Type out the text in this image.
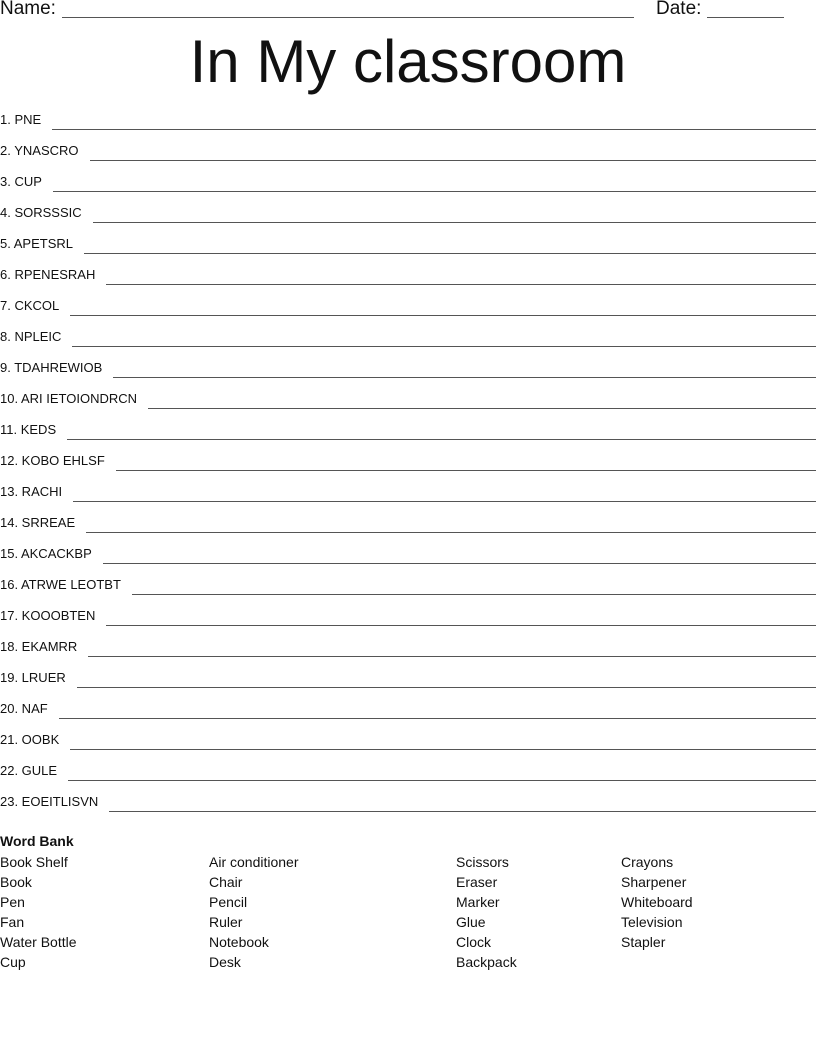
Name:	Date:
In My classroom
1. PNE
2. YNASCRO
3. CUP
4. SORSSSIC
5. APETSRL
6. RPENESRAH
7. CKCOL
8. NPLEIC
9. TDAHREWIOB
10. ARI IETOIONDRCN
11. KEDS
12. KOBO EHLSF
13. RACHI
14. SRREAE
15. AKCACKBP
16. ATRWE LEOTBT
17. KOOOBTEN
18. EKAMRR
19. LRUER
20. NAF
21. OOBK
22. GULE
23. EOEITLISVN
Word Bank
Book Shelf
Book
Pen
Fan
Water Bottle
Cup
Air conditioner
Chair
Pencil
Ruler
Notebook
Desk
Scissors
Eraser
Marker
Glue
Clock
Backpack
Crayons
Sharpener
Whiteboard
Television
Stapler
